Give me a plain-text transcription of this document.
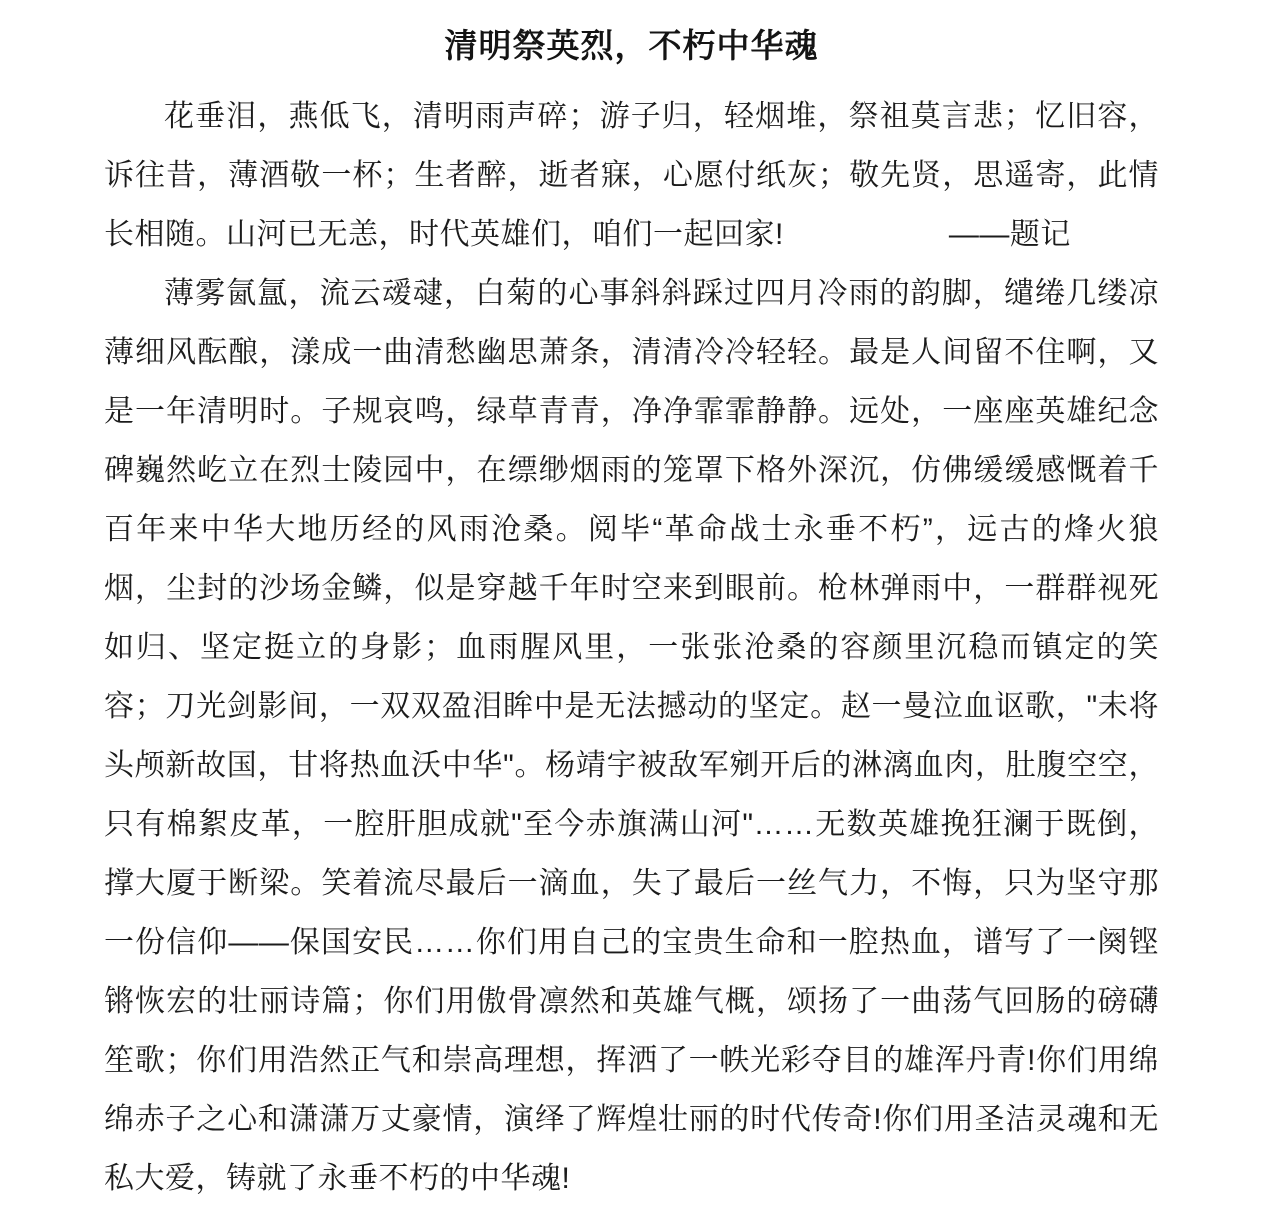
清明祭英烈，不朽中华魂

花垂泪，燕低飞，清明雨声碎；游子归，轻烟堆，祭祖莫言悲；忆旧容，诉往昔，薄酒敬一杯；生者醉，逝者寐，心愿付纸灰；敬先贤，思遥寄，此情长相随。山河已无恙，时代英雄们，咱们一起回家!	——题记

薄雾氤氲，流云叆叇，白菊的心事斜斜踩过四月冷雨的韵脚，缱绻几缕凉薄细风酝酿，漾成一曲清愁幽思萧条，清清冷冷轻轻。最是人间留不住啊，又是一年清明时。子规哀鸣，绿草青青，净净霏霏静静。远处，一座座英雄纪念碑巍然屹立在烈士陵园中，在缥缈烟雨的笼罩下格外深沉，仿佛缓缓感慨着千百年来中华大地历经的风雨沧桑。阅毕“革命战士永垂不朽”，远古的烽火狼烟，尘封的沙场金鳞，似是穿越千年时空来到眼前。枪林弹雨中，一群群视死如归、坚定挺立的身影；血雨腥风里，一张张沧桑的容颜里沉稳而镇定的笑容；刀光剑影间，一双双盈泪眸中是无法撼动的坚定。赵一曼泣血讴歌，"未将头颅新故国，甘将热血沃中华"。杨靖宇被敌军剜开后的淋漓血肉，肚腹空空，只有棉絮皮革，一腔肝胆成就"至今赤旗满山河"……无数英雄挽狂澜于既倒，撑大厦于断梁。笑着流尽最后一滴血，失了最后一丝气力，不悔，只为坚守那一份信仰——保国安民……你们用自己的宝贵生命和一腔热血，谱写了一阕铿锵恢宏的壮丽诗篇；你们用傲骨凛然和英雄气概，颂扬了一曲荡气回肠的磅礴笙歌；你们用浩然正气和崇高理想，挥洒了一帙光彩夺目的雄浑丹青!你们用绵绵赤子之心和潇潇万丈豪情，演绎了辉煌壮丽的时代传奇!你们用圣洁灵魂和无私大爱，铸就了永垂不朽的中华魂!
